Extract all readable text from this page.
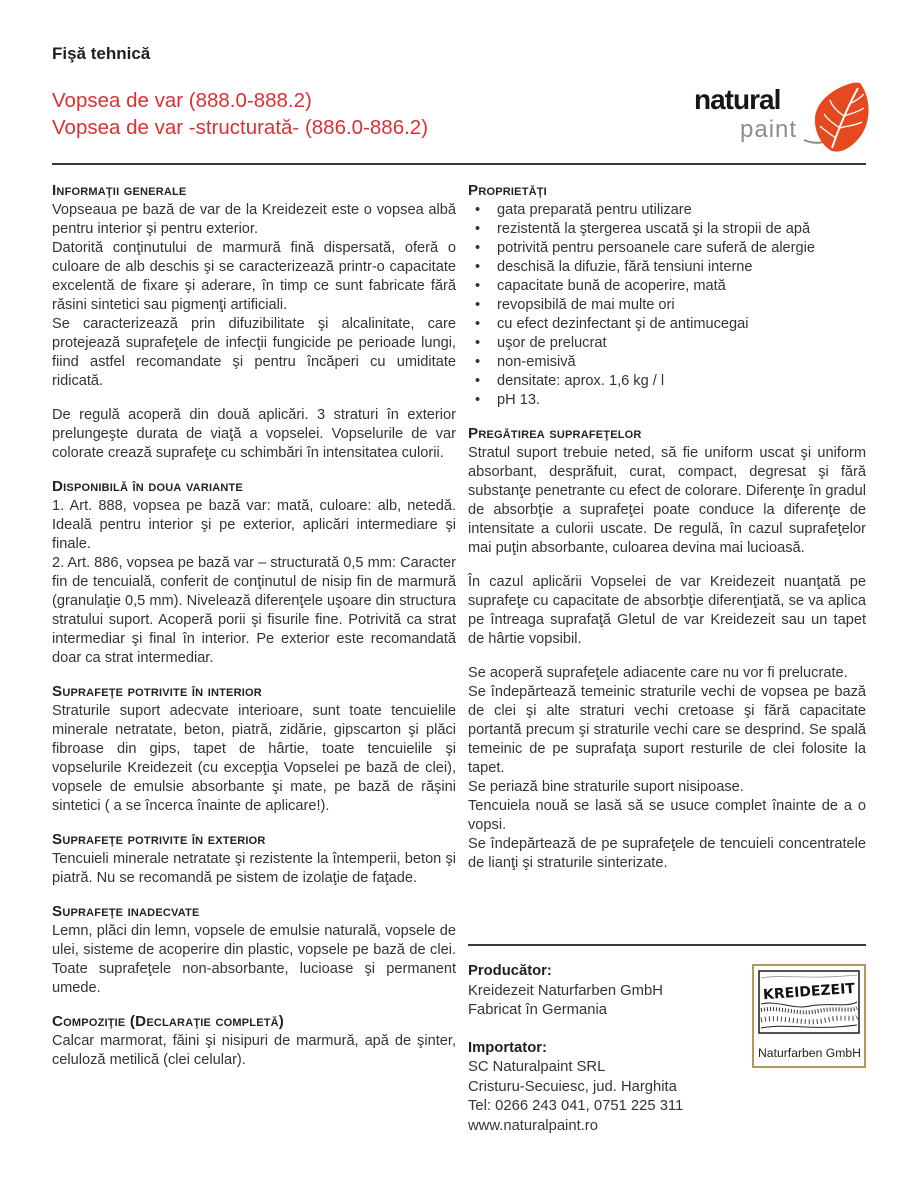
Fişă tehnică
Vopsea de var (888.0-888.2)
Vopsea de var -structurată- (886.0-886.2)
natural
paint
Informaţii generale

Vopseaua pe bază de var de la Kreidezeit este o vopsea albă pentru interior şi pentru exterior.

Datorită conţinutului de marmură fină dispersată, oferă o culoare de alb deschis şi se caracterizează printr-o capacitate excelentă de fixare şi aderare, în timp ce sunt fabricate fără răsini sintetici sau pigmenţi artificiali.

Se caracterizează prin difuzibilitate şi alcalinitate, care protejează suprafeţele de infecţii fungicide pe perioade lungi, fiind astfel recomandate şi pentru încăperi cu umiditate ridicată.

De regulă acoperă din două aplicări. 3 straturi în exterior prelungeşte durata de viaţă a vopselei. Vopselurile de var colorate crează suprafeţe cu schimbări în intensitatea culorii.

Disponibilă în doua variante

1. Art. 888, vopsea pe bază var: mată, culoare: alb, netedă. Ideală pentru interior şi pe exterior, aplicări intermediare şi finale.

2. Art. 886, vopsea pe bază var – structurată 0,5 mm: Caracter fin de tencuială, conferit de conţinutul de nisip fin de marmură (granulaţie 0,5 mm). Nivelează diferenţele uşoare din structura stratului suport. Acoperă porii şi fisurile fine. Potrivită ca strat intermediar şi final în interior. Pe exterior este recomandată doar ca strat intermediar.

Suprafeţe potrivite în interior

Straturile suport adecvate interioare, sunt toate tencuielile minerale netratate, beton, piatră, zidărie, gipscarton şi plăci fibroase din gips, tapet de hârtie, toate tencuielile şi vopselurile Kreidezeit (cu excepţia Vopselei pe bază de clei), vopsele de emulsie absorbante şi mate, pe bază de răşini sintetici ( a se încerca înainte de aplicare!).

Suprafeţe potrivite în exterior

Tencuieli minerale netratate şi rezistente la întemperii, beton şi piatră. Nu se recomandă pe sistem de izolaţie de faţade.

Suprafeţe inadecvate

Lemn, plăci din lemn, vopsele de emulsie naturală, vopsele de ulei, sisteme de acoperire din plastic, vopsele pe bază de clei. Toate suprafeţele non-absorbante, lucioase şi permanent umede.

Compoziţie (Declaraţie completă)

Calcar marmorat, făini şi nisipuri de marmură, apă de şinter, celuloză metilică (clei celular).

Proprietăţi
• gata preparată pentru utilizare
• rezistentă la ştergerea uscată şi la stropii de apă
• potrivită pentru persoanele care suferă de alergie
• deschisă la difuzie, fără tensiuni interne
• capacitate bună de acoperire, mată
• revopsibilă de mai multe ori
• cu efect dezinfectant şi de antimucegai
• uşor de prelucrat
• non-emisivă
• densitate: aprox. 1,6 kg / l
• pH 13.
Pregătirea suprafeţelor

Stratul suport trebuie neted, să fie uniform uscat şi uniform absorbant, desprăfuit, curat, compact, degresat şi fără substanţe penetrante cu efect de colorare. Diferenţe în gradul de absorbţie a suprafeţei poate conduce la diferenţe de intensitate a culorii uscate. De regulă, în cazul suprafeţelor mai puţin absorbante, culoarea devina mai lucioasă.

În cazul aplicării Vopselei de var Kreidezeit nuanţată pe suprafeţe cu capacitate de absorbţie diferenţiată, se va aplica pe întreaga suprafaţă Gletul de var Kreidezeit sau un tapet de hârtie vopsibil.

Se acoperă suprafeţele adiacente care nu vor fi prelucrate.

Se îndepărtează temeinic straturile vechi de vopsea pe bază de clei şi alte straturi vechi cretoase şi fără capacitate portantă precum şi straturile vechi care se desprind. Se spală temeinic de pe suprafaţa suport resturile de clei folosite la tapet.

Se periază bine straturile suport nisipoase.

Tencuiela nouă se lasă să se usuce complet înainte de a o vopsi.

Se îndepărtează de pe suprafeţele de tencuieli concentratele de lianţi şi straturile sinterizate.

Producător:
Kreidezeit Naturfarben GmbH
Fabricat în Germania
Importator:
SC Naturalpaint SRL
Cristuru-Secuiesc, jud. Harghita
Tel: 0266 243 041, 0751 225 311
www.naturalpaint.ro
KREIDEZEIT
Naturfarben GmbH
